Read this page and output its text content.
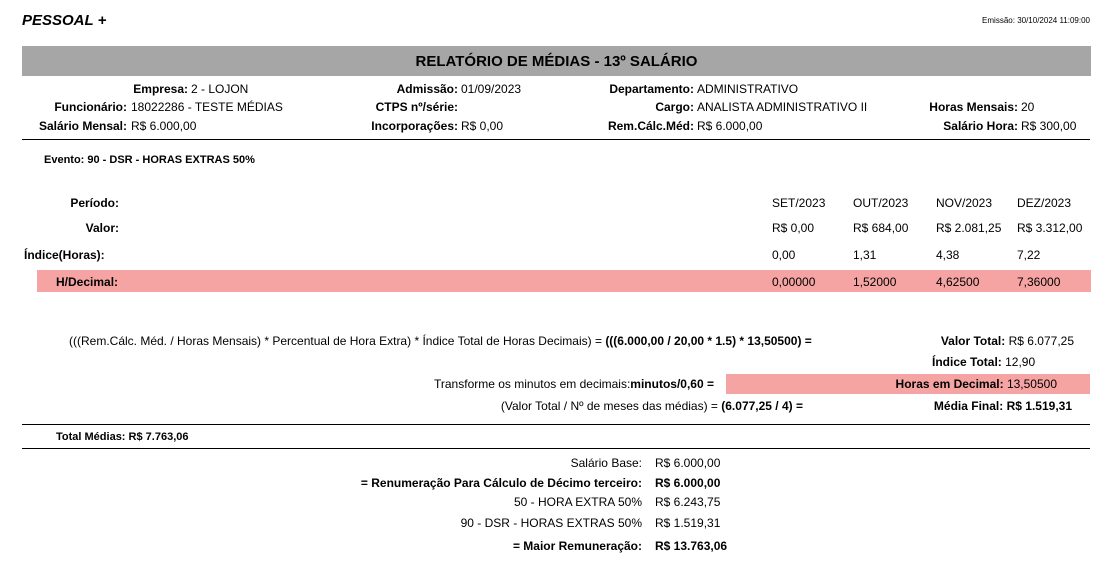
PESSOAL +	Emissão: 30/10/2024 11:09:00
RELATÓRIO DE MÉDIAS - 13º SALÁRIO
Empresa: 2 - LOJON	Admissão: 01/09/2023	Departamento: ADMINISTRATIVO
Funcionário: 18022286 - TESTE MÉDIAS	CTPS nº/série:	Cargo: ANALISTA ADMINISTRATIVO II	Horas Mensais: 20
Salário Mensal: R$ 6.000,00	Incorporações: R$ 0,00	Rem.Cálc.Méd: R$ 6.000,00	Salário Hora: R$ 300,00
Evento: 90 - DSR - HORAS EXTRAS 50%
Período:	SET/2023	OUT/2023	NOV/2023	DEZ/2023
Valor:	R$ 0,00	R$ 684,00	R$ 2.081,25	R$ 3.312,00
Índice(Horas):	0,00	1,31	4,38	7,22
H/Decimal:	0,00000	1,52000	4,62500	7,36000
(((Rem.Cálc. Méd. / Horas Mensais) * Percentual de Hora Extra) * Índice Total de Horas Decimais) = (((6.000,00 / 20,00 * 1.5) * 13,50500) =	Valor Total: R$ 6.077,25
Índice Total: 12,90
Transforme os minutos em decimais:minutos/0,60 =	Horas em Decimal: 13,50500
(Valor Total / Nº de meses das médias) = (6.077,25 / 4) =	Média Final: R$ 1.519,31
Total Médias: R$ 7.763,06
Salário Base: R$ 6.000,00
= Renumeração Para Cálculo de Décimo terceiro: R$ 6.000,00
50 - HORA EXTRA 50% R$ 6.243,75
90 - DSR - HORAS EXTRAS 50% R$ 1.519,31
= Maior Remuneração: R$ 13.763,06
